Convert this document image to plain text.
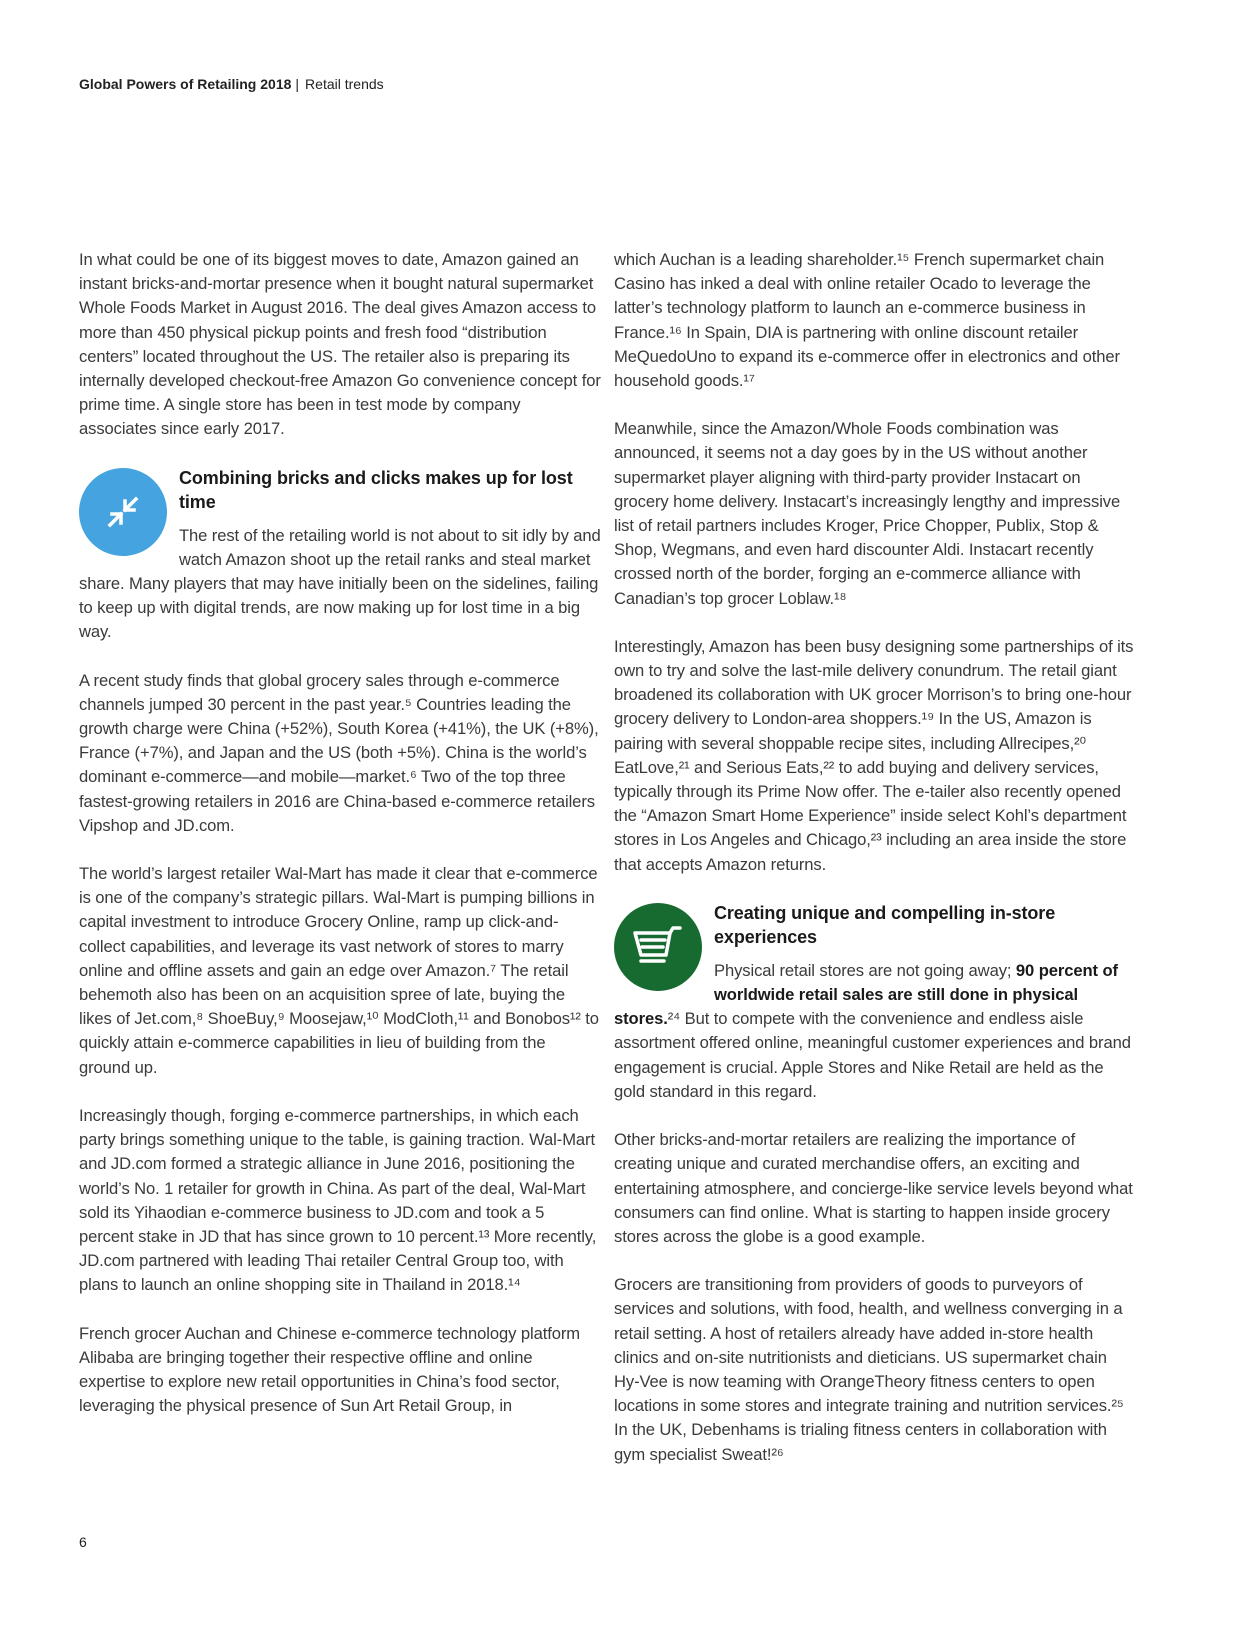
Global Powers of Retailing 2018 | Retail trends

In what could be one of its biggest moves to date, Amazon gained an instant bricks-and-mortar presence when it bought natural supermarket Whole Foods Market in August 2016. The deal gives Amazon access to more than 450 physical pickup points and fresh food “distribution centers” located throughout the US. The retailer also is preparing its internally developed checkout-free Amazon Go convenience concept for prime time. A single store has been in test mode by company associates since early 2017.

Combining bricks and clicks makes up for lost time

The rest of the retailing world is not about to sit idly by and watch Amazon shoot up the retail ranks and steal market share. Many players that may have initially been on the sidelines, failing to keep up with digital trends, are now making up for lost time in a big way.

A recent study finds that global grocery sales through e-commerce channels jumped 30 percent in the past year.⁵ Countries leading the growth charge were China (+52%), South Korea (+41%), the UK (+8%), France (+7%), and Japan and the US (both +5%). China is the world’s dominant e-commerce—and mobile—market.⁶ Two of the top three fastest-growing retailers in 2016 are China-based e-commerce retailers Vipshop and JD.com.

The world’s largest retailer Wal-Mart has made it clear that e-commerce is one of the company’s strategic pillars. Wal-Mart is pumping billions in capital investment to introduce Grocery Online, ramp up click-and-collect capabilities, and leverage its vast network of stores to marry online and offline assets and gain an edge over Amazon.⁷ The retail behemoth also has been on an acquisition spree of late, buying the likes of Jet.com,⁸ ShoeBuy,⁹ Moosejaw,¹⁰ ModCloth,¹¹ and Bonobos¹² to quickly attain e-commerce capabilities in lieu of building from the ground up.

Increasingly though, forging e-commerce partnerships, in which each party brings something unique to the table, is gaining traction. Wal-Mart and JD.com formed a strategic alliance in June 2016, positioning the world’s No. 1 retailer for growth in China. As part of the deal, Wal-Mart sold its Yihaodian e-commerce business to JD.com and took a 5 percent stake in JD that has since grown to 10 percent.¹³ More recently, JD.com partnered with leading Thai retailer Central Group too, with plans to launch an online shopping site in Thailand in 2018.¹⁴

French grocer Auchan and Chinese e-commerce technology platform Alibaba are bringing together their respective offline and online expertise to explore new retail opportunities in China’s food sector, leveraging the physical presence of Sun Art Retail Group, in

which Auchan is a leading shareholder.¹⁵ French supermarket chain Casino has inked a deal with online retailer Ocado to leverage the latter’s technology platform to launch an e-commerce business in France.¹⁶ In Spain, DIA is partnering with online discount retailer MeQuedoUno to expand its e-commerce offer in electronics and other household goods.¹⁷

Meanwhile, since the Amazon/Whole Foods combination was announced, it seems not a day goes by in the US without another supermarket player aligning with third-party provider Instacart on grocery home delivery. Instacart’s increasingly lengthy and impressive list of retail partners includes Kroger, Price Chopper, Publix, Stop & Shop, Wegmans, and even hard discounter Aldi. Instacart recently crossed north of the border, forging an e-commerce alliance with Canadian’s top grocer Loblaw.¹⁸

Interestingly, Amazon has been busy designing some partnerships of its own to try and solve the last-mile delivery conundrum. The retail giant broadened its collaboration with UK grocer Morrison’s to bring one-hour grocery delivery to London-area shoppers.¹⁹ In the US, Amazon is pairing with several shoppable recipe sites, including Allrecipes,²⁰ EatLove,²¹ and Serious Eats,²² to add buying and delivery services, typically through its Prime Now offer. The e-tailer also recently opened the “Amazon Smart Home Experience” inside select Kohl’s department stores in Los Angeles and Chicago,²³ including an area inside the store that accepts Amazon returns.

Creating unique and compelling in-store experiences

Physical retail stores are not going away; 90 percent of worldwide retail sales are still done in physical stores.²⁴ But to compete with the convenience and endless aisle assortment offered online, meaningful customer experiences and brand engagement is crucial. Apple Stores and Nike Retail are held as the gold standard in this regard.

Other bricks-and-mortar retailers are realizing the importance of creating unique and curated merchandise offers, an exciting and entertaining atmosphere, and concierge-like service levels beyond what consumers can find online. What is starting to happen inside grocery stores across the globe is a good example.

Grocers are transitioning from providers of goods to purveyors of services and solutions, with food, health, and wellness converging in a retail setting. A host of retailers already have added in-store health clinics and on-site nutritionists and dieticians. US supermarket chain Hy-Vee is now teaming with OrangeTheory fitness centers to open locations in some stores and integrate training and nutrition services.²⁵ In the UK, Debenhams is trialing fitness centers in collaboration with gym specialist Sweat!²⁶

6
